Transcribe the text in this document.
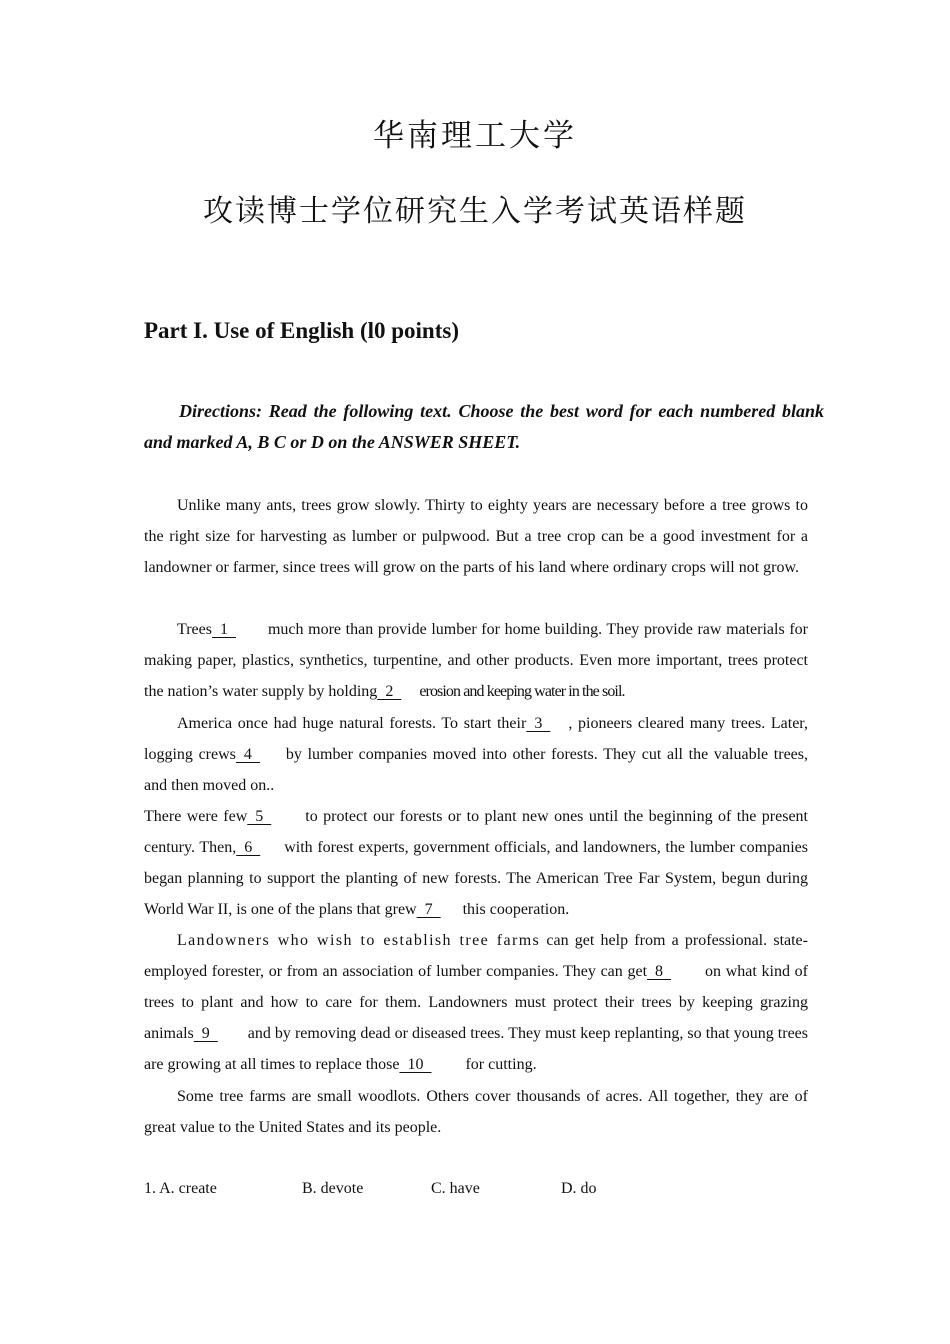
华南理工大学
攻读博士学位研究生入学考试英语样题
Part I. Use of English (l0 points)
Directions: Read the following text. Choose the best word for each numbered blank and marked A, B C or D on the ANSWER SHEET.
Unlike many ants, trees grow slowly. Thirty to eighty years are necessary before a tree grows to the right size for harvesting as lumber or pulpwood. But a tree crop can be a good investment for a landowner or farmer, since trees will grow on the parts of his land where ordinary crops will not grow.
Trees  1  much more than provide lumber for home building. They provide raw materials for making paper, plastics, synthetics, turpentine, and other products. Even more important, trees protect the nation’s water supply by holding  2  erosion and keeping water in the soil.
America once had huge natural forests. To start their  3  , pioneers cleared many trees. Later, logging crews  4  by lumber companies moved into other forests. They cut all the valuable trees, and then moved on..
There were few  5  to protect our forests or to plant new ones until the beginning of the present century. Then,  6  with forest experts, government officials, and landowners, the lumber companies began planning to support the planting of new forests. The American Tree Far System, begun during World War II, is one of the plans that grew  7  this cooperation.
Landowners who wish to establish tree farms can get help from a professional. state-employed forester, or from an association of lumber companies. They can get  8  on what kind of trees to plant and how to care for them. Landowners must protect their trees by keeping grazing animals  9  and by removing dead or diseased trees. They must keep replanting, so that young trees are growing at all times to replace those  10  for cutting.
Some tree farms are small woodlots. Others cover thousands of acres. All together, they are of great value to the United States and its people.
1. A. create	B. devote	C. have	D. do
